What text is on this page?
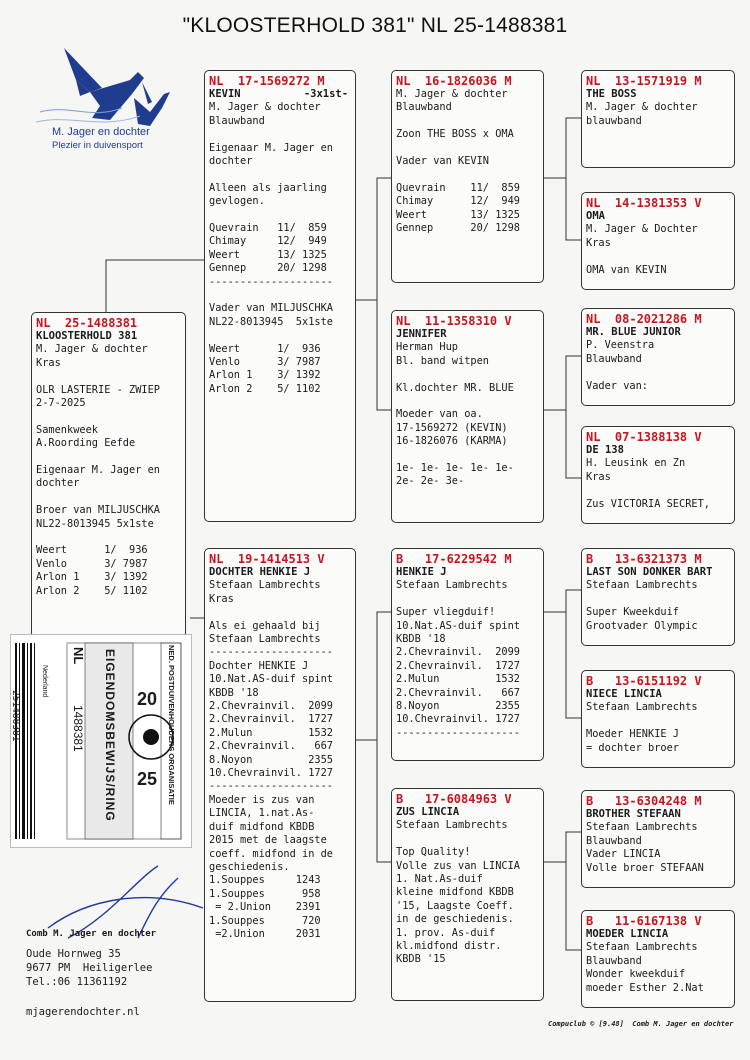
"KLOOSTERHOLD 381" NL 25-1488381
M. Jager en dochter
Plezier in duivensport
NL  25-1488381
KLOOSTERHOLD 381
M. Jager & dochter
Kras
OLR LASTERIE - ZWIEP
2-7-2025
Samenkweek
A.Roording Eefde
Eigenaar M. Jager en
dochter
Broer van MILJUSCHKA
NL22-8013945 5x1ste
Weert      1/  936
Venlo      3/ 7987
Arlon 1    3/ 1392
Arlon 2    5/ 1102
NL  17-1569272 M
KEVIN          -3x1st-
M. Jager & dochter
Blauwband
Eigenaar M. Jager en
dochter
Alleen als jaarling
gevlogen.
Quevrain   11/  859
Chimay     12/  949
Weert      13/ 1325
Gennep     20/ 1298
--------------------
Vader van MILJUSCHKA
NL22-8013945  5x1ste
Weert      1/  936
Venlo      3/ 7987
Arlon 1    3/ 1392
Arlon 2    5/ 1102
NL  19-1414513 V
DOCHTER HENKIE J
Stefaan Lambrechts
Kras
Als ei gehaald bij
Stefaan Lambrechts
--------------------
Dochter HENKIE J
10.Nat.AS-duif spint
KBDB '18
2.Chevrainvil.  2099
2.Chevrainvil.  1727
2.Mulun         1532
2.Chevrainvil.   667
8.Noyon         2355
10.Chevrainvil. 1727
--------------------
Moeder is zus van
LINCIA, 1.nat.As-
duif midfond KBDB
2015 met de laagste
coeff. midfond in de
geschiedenis.
1.Souppes     1243
1.Souppes      958
= 2.Union    2391
1.Souppes      720
=2.Union     2031
NL  16-1826036 M
M. Jager & dochter
Blauwband
Zoon THE BOSS x OMA
Vader van KEVIN
Quevrain    11/  859
Chimay      12/  949
Weert       13/ 1325
Gennep      20/ 1298
NL  11-1358310 V
JENNIFER
Herman Hup
Bl. band witpen
Kl.dochter MR. BLUE
Moeder van oa.
17-1569272 (KEVIN)
16-1826076 (KARMA)
1e- 1e- 1e- 1e- 1e-
2e- 2e- 3e-
B   17-6229542 M
HENKIE J
Stefaan Lambrechts
Super vliegduif!
10.Nat.AS-duif spint
KBDB '18
2.Chevrainvil.  2099
2.Chevrainvil.  1727
2.Mulun         1532
2.Chevrainvil.   667
8.Noyon         2355
10.Chevrainvil. 1727
--------------------
B   17-6084963 V
ZUS LINCIA
Stefaan Lambrechts
Top Quality!
Volle zus van LINCIA
1. Nat.As-duif
kleine midfond KBDB
'15, Laagste Coeff.
in de geschiedenis.
1. prov. As-duif
kl.midfond distr.
KBDB '15
NL  13-1571919 M
THE BOSS
M. Jager & dochter
blauwband
NL  14-1381353 V
OMA
M. Jager & Dochter
Kras
OMA van KEVIN
NL  08-2021286 M
MR. BLUE JUNIOR
P. Veenstra
Blauwband
Vader van:
NL  07-1388138 V
DE 138
H. Leusink en Zn
Kras
Zus VICTORIA SECRET,
B   13-6321373 M
LAST SON DONKER BART
Stefaan Lambrechts
Super Kweekduif
Grootvader Olympic
B   13-6151192 V
NIECE LINCIA
Stefaan Lambrechts
Moeder HENKIE J
= dochter broer
B   13-6304248 M
BROTHER STEFAAN
Stefaan Lambrechts
Blauwband
Vader LINCIA
Volle broer STEFAAN
B   11-6167138 V
MOEDER LINCIA
Stefaan Lambrechts
Blauwband
Wonder kweekduif
moeder Esther 2.Nat
NL
1488381 EIGENDOMSBEWIJS/RING 20
25 NED. POSTDUIVENHOUDERS ORGANISATIE
Nederland
25148838​1
Comb M. Jager en dochter
Oude Hornweg 35
9677 PM  Heiligerlee
Tel.:06 11361192
mjagerendochter.nl
Compuclub © [9.48]  Comb M. Jager en dochter
